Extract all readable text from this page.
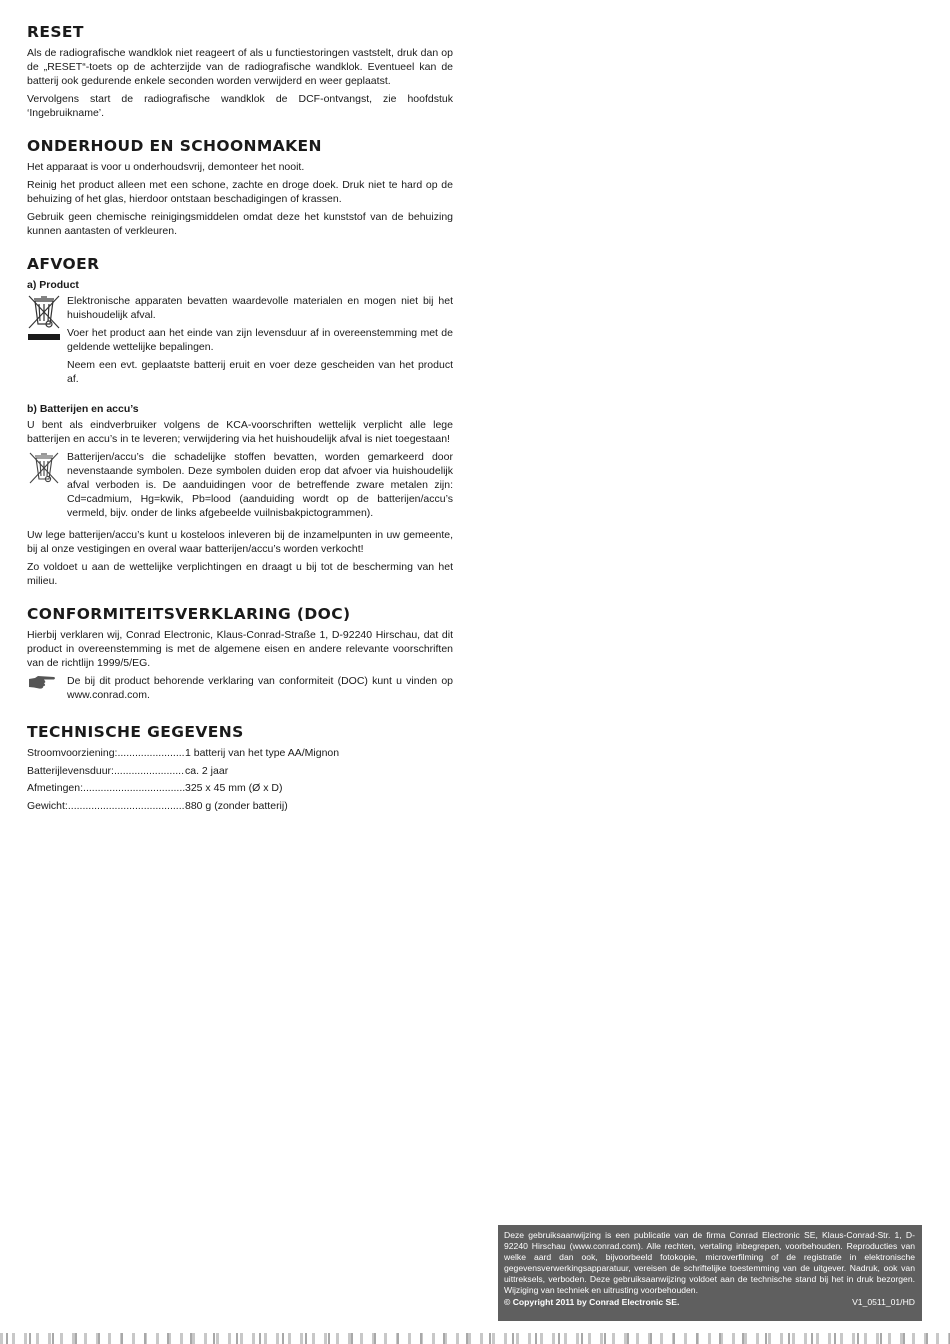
RESET

Als de radiografische wandklok niet reageert of als u functiestoringen vaststelt, druk dan op de „RESET“-toets op de achterzijde van de radiografische wandklok. Eventueel kan de batterij ook gedurende enkele seconden worden verwijderd en weer geplaatst.

Vervolgens start de radiografische wandklok de DCF-ontvangst, zie hoofdstuk ‘Ingebruikname’.

ONDERHOUD EN SCHOONMAKEN

Het apparaat is voor u onderhoudsvrij, demonteer het nooit.

Reinig het product alleen met een schone, zachte en droge doek. Druk niet te hard op de behuizing of het glas, hierdoor ontstaan beschadigingen of krassen.

Gebruik geen chemische reinigingsmiddelen omdat deze het kunststof van de behuizing kunnen aantasten of verkleuren.

AFVOER
a) Product

Elektronische apparaten bevatten waardevolle materialen en mogen niet bij het huishoudelijk afval.

Voer het product aan het einde van zijn levensduur af in overeenstemming met de geldende wettelijke bepalingen.

Neem een evt. geplaatste batterij eruit en voer deze gescheiden van het product af.

b) Batterijen en accu’s

U bent als eindverbruiker volgens de KCA-voorschriften wettelijk verplicht alle lege batterijen en accu’s in te leveren; verwijdering via het huishoudelijk afval is niet toegestaan!

Batterijen/accu’s die schadelijke stoffen bevatten, worden gemarkeerd door nevenstaande symbolen. Deze symbolen duiden erop dat afvoer via huishoudelijk afval verboden is. De aanduidingen voor de betreffende zware metalen zijn: Cd=cadmium, Hg=kwik, Pb=lood (aanduiding wordt op de batterijen/accu’s vermeld, bijv. onder de links afgebeelde vuilnisbakpictogrammen).

Uw lege batterijen/accu’s kunt u kosteloos inleveren bij de inzamelpunten in uw gemeente, bij al onze vestigingen en overal waar batterijen/accu’s worden verkocht!

Zo voldoet u aan de wettelijke verplichtingen en draagt u bij tot de bescherming van het milieu.

CONFORMITEITSVERKLARING (DOC)

Hierbij verklaren wij, Conrad Electronic, Klaus-Conrad-Straße 1, D-92240 Hirschau, dat dit product in overeenstemming is met de algemene eisen en andere relevante voorschriften van de richtlijn 1999/5/EG.

De bij dit product behorende verklaring van conformiteit (DOC) kunt u vinden op www.conrad.com.

TECHNISCHE GEGEVENS
Stroomvoorziening: .....	1 batterij van het type AA/Mignon
Batterijlevensduur: .....	ca. 2 jaar
Afmetingen: .....	325 x 45 mm (Ø x D)
Gewicht: .....	880 g (zonder batterij)

Deze gebruiksaanwijzing is een publicatie van de firma Conrad Electronic SE, Klaus-Conrad-Str. 1, D-92240 Hirschau (www.conrad.com). Alle rechten, vertaling inbegrepen, voorbehouden. Reproducties van welke aard dan ook, bijvoorbeeld fotokopie, microverfilming of de registratie in elektronische gegevensverwerkingsapparatuur, vereisen de schriftelijke toestemming van de uitgever. Nadruk, ook van uittreksels, verboden. Deze gebruiksaanwijzing voldoet aan de technische stand bij het in druk bezorgen. Wijziging van techniek en uitrusting voorbehouden.

© Copyright 2011 by Conrad Electronic SE.	V1_0511_01/HD
